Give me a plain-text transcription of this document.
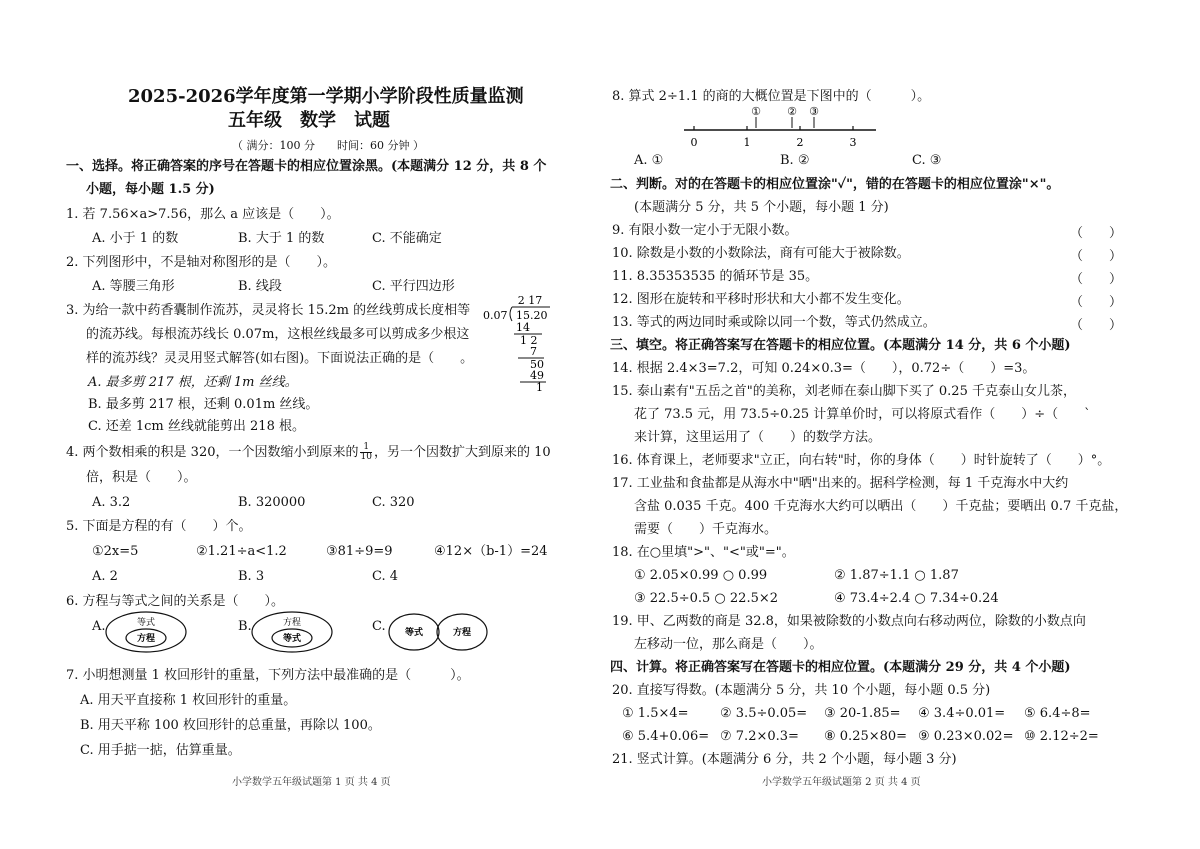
2025-2026学年度第一学期小学阶段性质量监测
五年级　数学　试题
（ 满分：100 分　　时间：60 分钟 ）
一、选择。将正确答案的序号在答题卡的相应位置涂黑。(本题满分 12 分，共 8 个
小题，每小题 1.5 分)
1. 若 7.56×a>7.56，那么 a 应该是（　　）。
A. 小于 1 的数	B. 大于 1 的数	C. 不能确定
2. 下列图形中，不是轴对称图形的是（　　）。
A. 等腰三角形	B. 线段	C. 平行四边形
3. 为给一款中药香囊制作流苏，灵灵将长 15.2m 的丝线剪成长度相等
的流苏线。每根流苏线长 0.07m，这根丝线最多可以剪成多少根这
样的流苏线？灵灵用竖式解答(如右图)。下面说法正确的是（　　。
A. 最多剪 217 根，还剩 1m 丝线。
B. 最多剪 217 根，还剩 0.01m 丝线。
C. 还差 1cm 丝线就能剪出 218 根。
2 17
0.07 15.20
14
1 2
7
50
49
1
4. 两个数相乘的积是 320，一个因数缩小到原来的 $\frac{1}{10}$ ，另一个因数扩大到原来的 10
倍，积是（　　）。
A. 3.2	B. 320000	C. 320
5. 下面是方程的有（　　）个。
①2x=5	②1.21÷a<1.2	③81÷9=9	④12×（b-1）=24
A. 2	B. 3	C. 4
6. 方程与等式之间的关系是（　　）。
A.	等式
方程
B.	方程
等式
C. 等式	方程
7. 小明想测量 1 枚回形针的重量，下列方法中最准确的是（　　　）。
A. 用天平直接称 1 枚回形针的重量。
B. 用天平称 100 枚回形针的总重量，再除以 100。
C. 用手掂一掂，估算重量。
小学数学五年级试题第 1 页 共 4 页
8. 算式 2÷1.1 的商的大概位置是下图中的（　　　）。
0	1	2	3
① ② ③
A. ①	B. ②	C. ③
二、判断。对的在答题卡的相应位置涂"✓"，错的在答题卡的相应位置涂"×"。
(本题满分 5 分，共 5 个小题，每小题 1 分)
9. 有限小数一定小于无限小数。	（　　）
10. 除数是小数的小数除法，商有可能大于被除数。	（　　）
11. 8.35353535 的循环节是 35。	（　　）
12. 图形在旋转和平移时形状和大小都不发生变化。	（　　）
13. 等式的两边同时乘或除以同一个数，等式仍然成立。	（　　）
三、填空。将正确答案写在答题卡的相应位置。(本题满分 14 分，共 6 个小题)
14. 根据 2.4×3=7.2，可知 0.24×0.3=（　　），0.72÷（　　）=3。
15. 泰山素有"五岳之首"的美称，刘老师在泰山脚下买了 0.25 千克泰山女儿茶，
花了 73.5 元，用 73.5÷0.25 计算单价时，可以将原式看作（　　）÷（　　`
来计算，这里运用了（　　）的数学方法。
16. 体育课上，老师要求"立正，向右转"时，你的身体（　　）时针旋转了（　　）°。
17. 工业盐和食盐都是从海水中"晒"出来的。据科学检测，每 1 千克海水中大约
含盐 0.035 千克。400 千克海水大约可以晒出（　　）千克盐；要晒出 0.7 千克盐，
需要（　　）千克海水。
18. 在○里填">"、"<"或"="。
① 2.05×0.99 ○ 0.99	② 1.87÷1.1 ○ 1.87
③ 22.5÷0.5 ○ 22.5×2	④ 73.4÷2.4 ○ 7.34÷0.24
19. 甲、乙两数的商是 32.8，如果被除数的小数点向右移动两位，除数的小数点向
左移动一位，那么商是（　　）。
四、计算。将正确答案写在答题卡的相应位置。(本题满分 29 分，共 4 个小题)
20. 直接写得数。(本题满分 5 分，共 10 个小题，每小题 0.5 分)
① 1.5×4= ② 3.5÷0.05= ③ 20-1.85= ④ 3.4÷0.01= ⑤ 6.4÷8=
⑥ 5.4+0.06= ⑦ 7.2×0.3= ⑧ 0.25×80= ⑨ 0.23×0.02= ⑩ 2.12÷2=
21. 竖式计算。(本题满分 6 分，共 2 个小题，每小题 3 分)
小学数学五年级试题第 2 页 共 4 页
